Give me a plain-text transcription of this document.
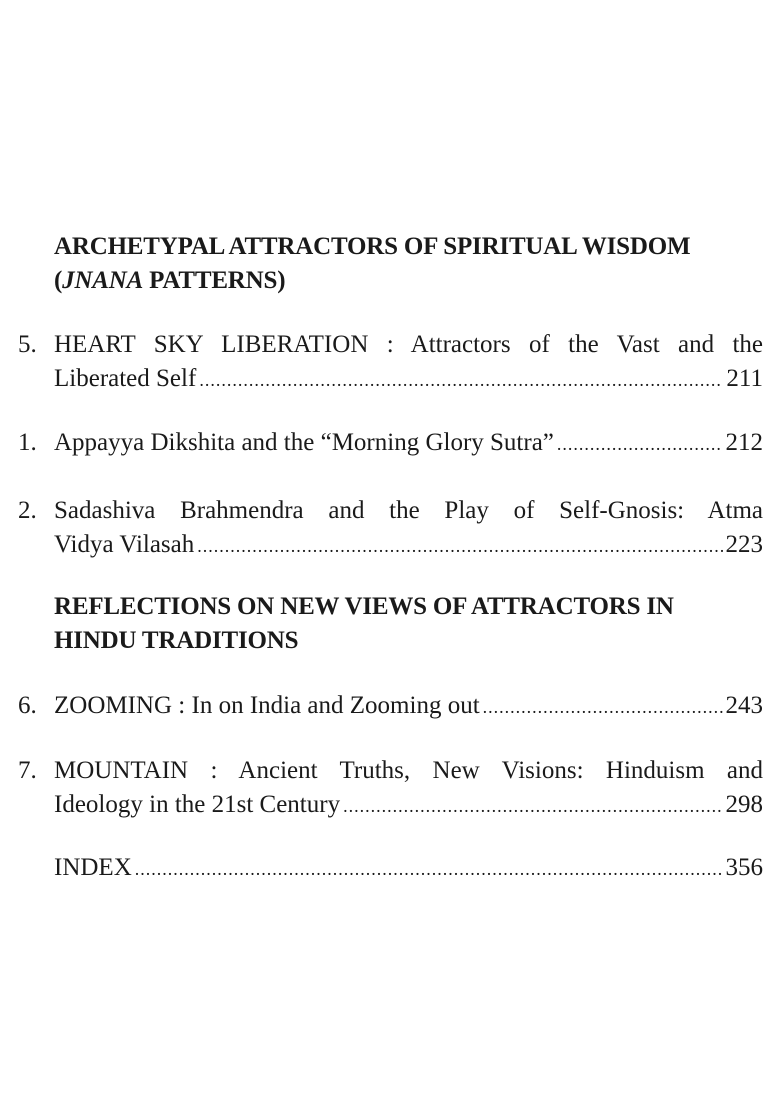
ARCHETYPAL ATTRACTORS OF SPIRITUAL WISDOM
(JNANA PATTERNS)
5. HEART SKY LIBERATION : Attractors of the Vast and the
Liberated Self .....	211
1. Appayya Dikshita and the “Morning Glory Sutra” .....	212
2. Sadashiva Brahmendra and the Play of Self-Gnosis: Atma
Vidya Vilasah .....	223
REFLECTIONS ON NEW VIEWS OF ATTRACTORS IN
HINDU TRADITIONS
6. ZOOMING : In on India and Zooming out .....	243
7. MOUNTAIN : Ancient Truths, New Visions: Hinduism and
Ideology in the 21st Century .....	298
INDEX .....	356
